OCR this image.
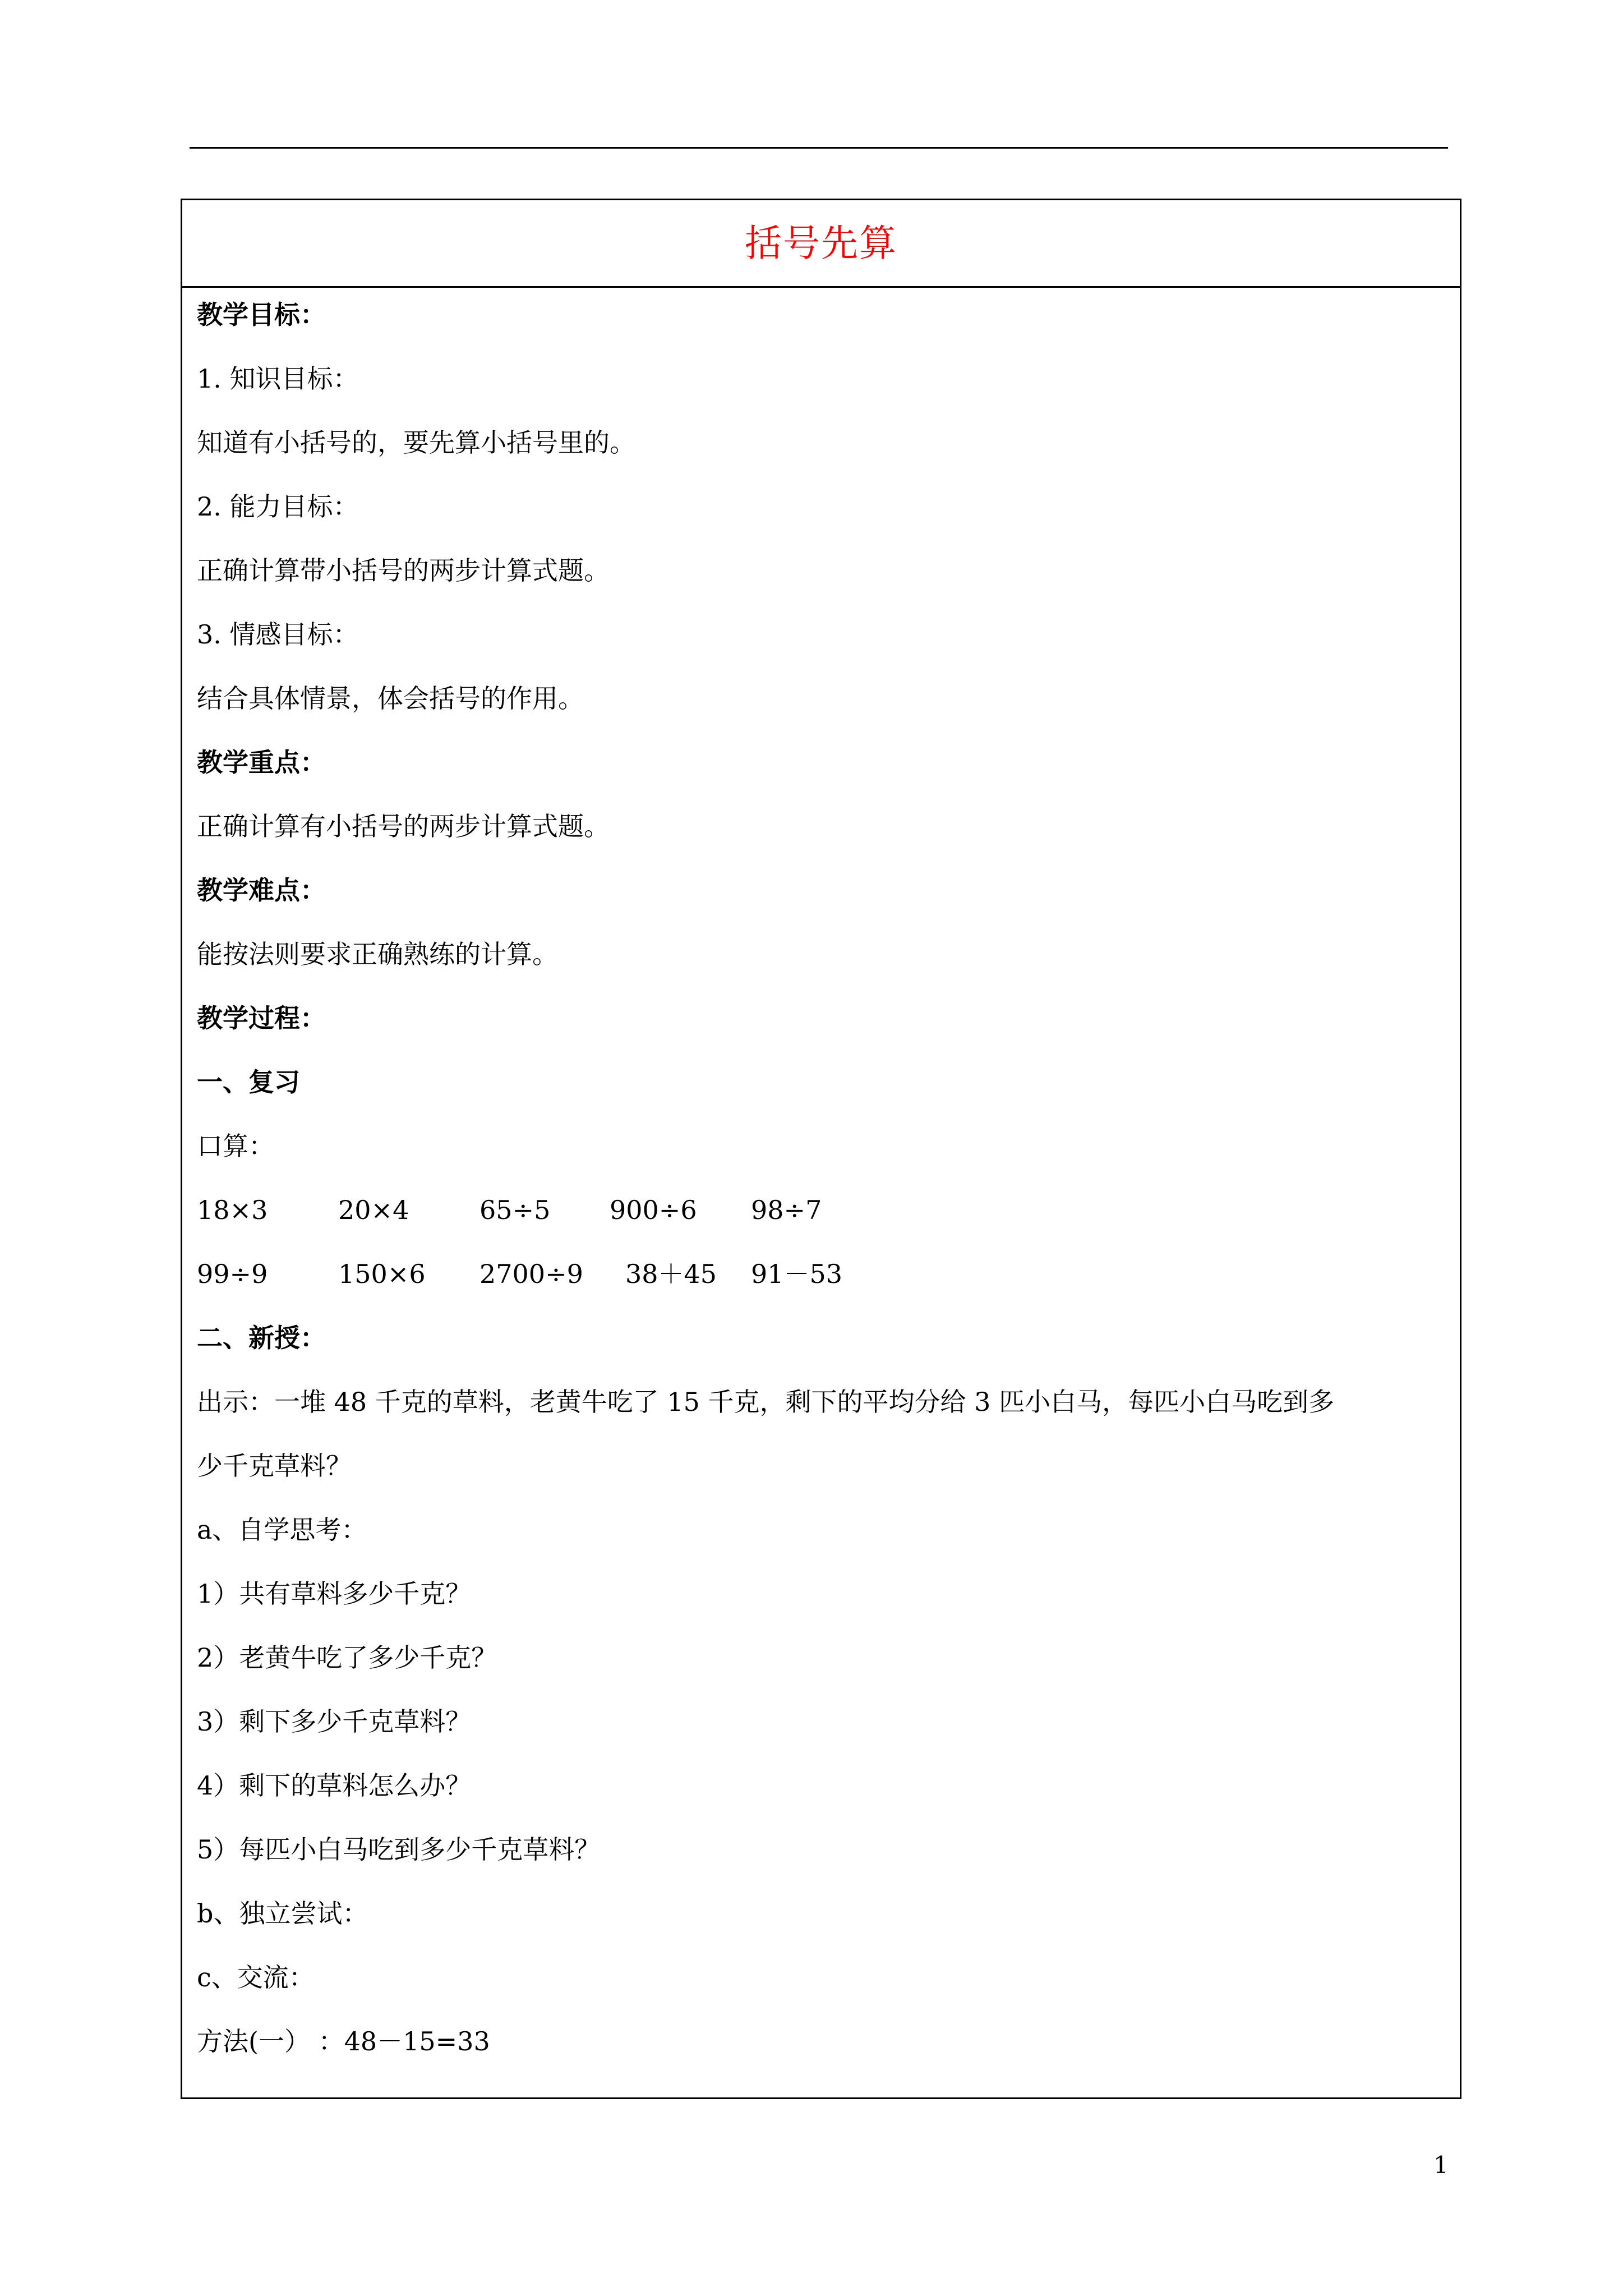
括号先算
教学目标：
1. 知识目标：
知道有小括号的，要先算小括号里的。
2. 能力目标：
正确计算带小括号的两步计算式题。
3. 情感目标：
结合具体情景，体会括号的作用。
教学重点：
正确计算有小括号的两步计算式题。
教学难点：
能按法则要求正确熟练的计算。
教学过程：
一、复习
口算：
18×3	20×4	65÷5 900÷6 98÷7
99÷9	150×6 2700÷9 38＋45 91－53
二、新授：
出示：一堆 48 千克的草料，老黄牛吃了 15 千克，剩下的平均分给 3 匹小白马，每匹小白马吃到多
少千克草料？
a、自学思考：
1）共有草料多少千克？
2）老黄牛吃了多少千克？
3）剩下多少千克草料？
4）剩下的草料怎么办？
5）每匹小白马吃到多少千克草料？
b、独立尝试：
c、交流：
方法(一） ：48－15=33
1
